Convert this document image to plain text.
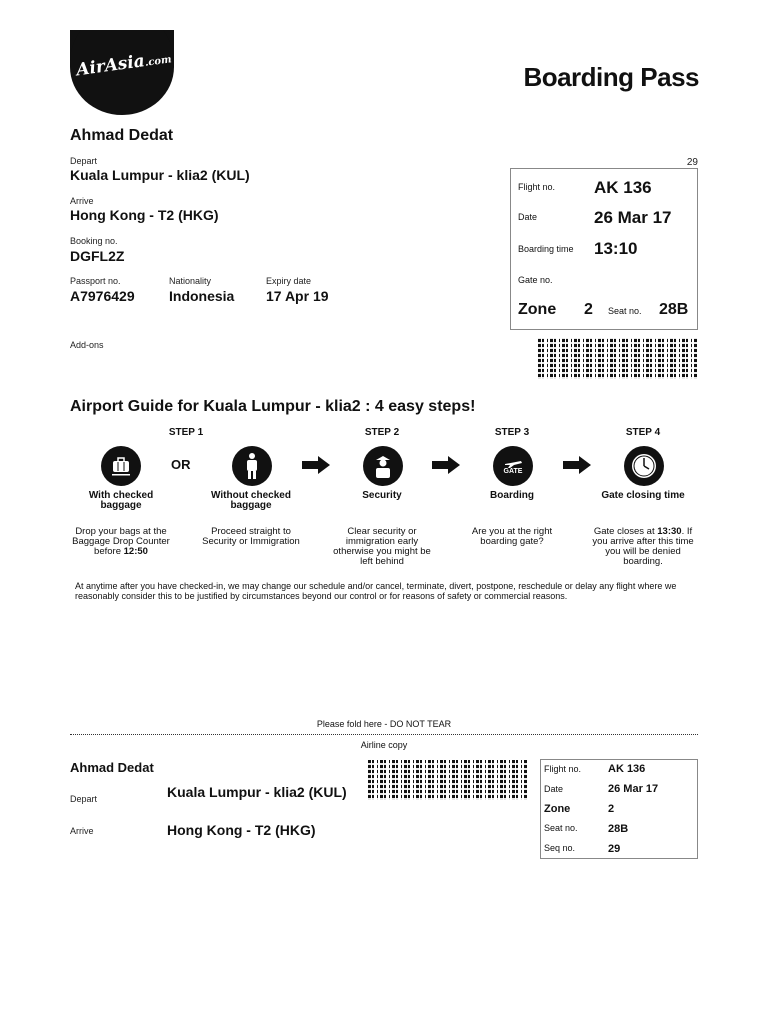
AirAsia.com
Boarding Pass
Ahmad Dedat
29
Depart
Kuala Lumpur - klia2 (KUL)
Arrive
Hong Kong - T2 (HKG)
Booking no.
DGFL2Z
Passport no.
A7976429
Nationality
Indonesia
Expiry date
17 Apr 19
Add-ons
Flight no. AK 136
Date	26 Mar 17
Boarding time 13:10
Gate no.
Zone 2 Seat no. 28B
Airport Guide for Kuala Lumpur - klia2 : 4 easy steps!
STEP 1	STEP 2	STEP 3	STEP 4
OR	GATE
With checked baggage
Without checked baggage
Security	Boarding	Gate closing time
Drop your bags at the Baggage Drop Counter before 12:50
Proceed straight to Security or Immigration
Clear security or immigration early otherwise you might be left behind
Are you at the right boarding gate?
Gate closes at 13:30. If you arrive after this time you will be denied boarding.
At anytime after you have checked-in, we may change our schedule and/or cancel, terminate, divert, postpone, reschedule or delay any flight where we reasonably consider this to be justified by circumstances beyond our control or for reasons of safety or commercial reasons.
Please fold here - DO NOT TEAR
Airline copy
Ahmad Dedat
Depart	Kuala Lumpur - klia2 (KUL)
Arrive	Hong Kong - T2 (HKG)
Flight no. AK 136
Date	26 Mar 17
Zone	2
Seat no.	28B
Seq no.	29
